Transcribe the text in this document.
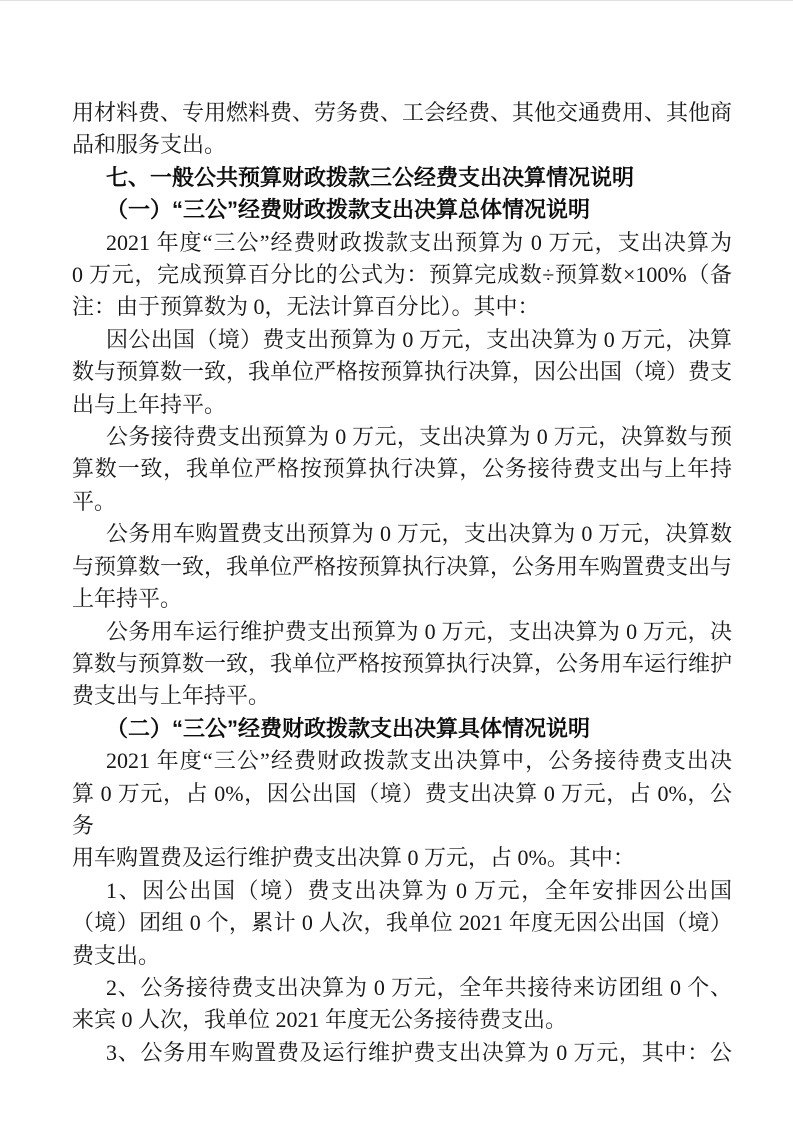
用材料费、专用燃料费、劳务费、工会经费、其他交通费用、其他商
品和服务支出。
七、一般公共预算财政拨款三公经费支出决算情况说明
（一）“三公”经费财政拨款支出决算总体情况说明
2021 年度“三公”经费财政拨款支出预算为 0 万元，支出决算为
0 万元，完成预算百分比的公式为：预算完成数÷预算数×100%（备
注：由于预算数为 0，无法计算百分比）。其中：
因公出国（境）费支出预算为 0 万元，支出决算为 0 万元，决算
数与预算数一致，我单位严格按预算执行决算，因公出国（境）费支
出与上年持平。
公务接待费支出预算为 0 万元，支出决算为 0 万元，决算数与预
算数一致，我单位严格按预算执行决算，公务接待费支出与上年持
平。
公务用车购置费支出预算为 0 万元，支出决算为 0 万元，决算数
与预算数一致，我单位严格按预算执行决算，公务用车购置费支出与
上年持平。
公务用车运行维护费支出预算为 0 万元，支出决算为 0 万元，决
算数与预算数一致，我单位严格按预算执行决算，公务用车运行维护
费支出与上年持平。
（二）“三公”经费财政拨款支出决算具体情况说明
2021 年度“三公”经费财政拨款支出决算中，公务接待费支出决
算 0 万元，占 0%，因公出国（境）费支出决算 0 万元，占 0%，公务
用车购置费及运行维护费支出决算 0 万元，占 0%。其中：
1、因公出国（境）费支出决算为 0 万元，全年安排因公出国
（境）团组 0 个，累计 0 人次，我单位 2021 年度无因公出国（境）
费支出。
2、公务接待费支出决算为 0 万元，全年共接待来访团组 0 个、
来宾 0 人次，我单位 2021 年度无公务接待费支出。
3、公务用车购置费及运行维护费支出决算为 0 万元，其中：公
